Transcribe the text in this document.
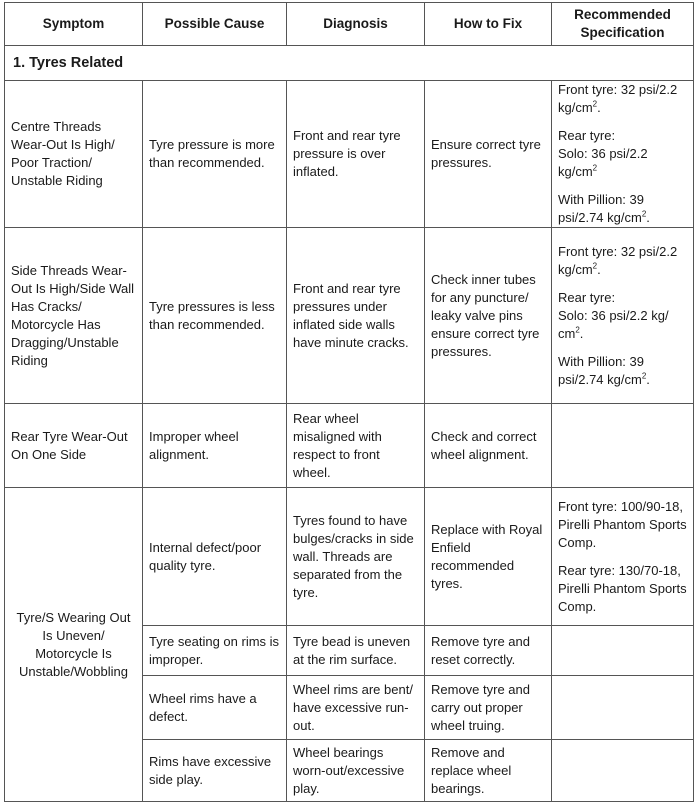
Symptom	Possible Cause	Diagnosis	How to Fix	Recommended
Specification
1. Tyres Related				
Centre Threads Wear-Out Is High/ Poor Traction/ Unstable Riding	Tyre pressure is more than recommended.	Front and rear tyre pressure is over inflated.	Ensure correct tyre pressures.	Front tyre: 32 psi/2.2 $kg/cm^2$.

Rear tyre:
Solo: 36 psi/2.2 $kg/cm^2$

With Pillion: 39 psi/2.74 $kg/cm^2$.

Side Threads Wear-Out Is High/Side Wall Has Cracks/ Motorcycle Has Dragging/Unstable Riding	Tyre pressures is less than recommended.	Front and rear tyre pressures under inflated side walls have minute cracks.	Check inner tubes for any puncture/ leaky valve pins ensure correct tyre pressures.	Front tyre: 32 psi/2.2 $kg/cm^2$.

Rear tyre:
Solo: 36 psi/2.2 kg/ $cm^2$.

With Pillion: 39 psi/2.74 $kg/cm^2$.

Rear Tyre Wear-Out On One Side	Improper wheel alignment.	Rear wheel misaligned with respect to front wheel.	Check and correct wheel alignment.	
Tyre/S Wearing Out Is Uneven/ Motorcycle Is Unstable/Wobbling	Internal defect/poor quality tyre.	Tyres found to have bulges/cracks in side wall. Threads are separated from the tyre.	Replace with Royal Enfield recommended tyres.	Front tyre: 100/90-18, Pirelli Phantom Sports Comp.

Rear tyre: 130/70-18, Pirelli Phantom Sports Comp.

	Tyre seating on rims is improper.	Tyre bead is uneven at the rim surface.	Remove tyre and reset correctly.	
	Wheel rims have a defect.	Wheel rims are bent/ have excessive run-out.	Remove tyre and carry out proper wheel truing.	
	Rims have excessive side play.	Wheel bearings worn-out/excessive play.	Remove and replace wheel bearings.	
